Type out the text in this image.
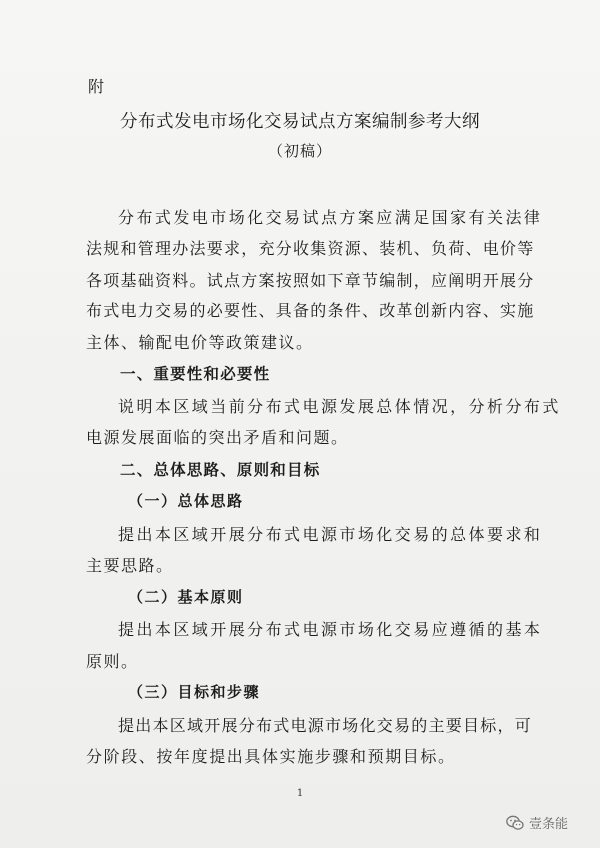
附
分布式发电市场化交易试点方案编制参考大纲
（初稿）
分布式发电市场化交易试点方案应满足国家有关法律
法规和管理办法要求，充分收集资源、装机、负荷、电价等
各项基础资料。试点方案按照如下章节编制，应阐明开展分
布式电力交易的必要性、具备的条件、改革创新内容、实施
主体、输配电价等政策建议。
一、重要性和必要性
说明本区域当前分布式电源发展总体情况，分析分布式
电源发展面临的突出矛盾和问题。
二、总体思路、原则和目标
（一）总体思路
提出本区域开展分布式电源市场化交易的总体要求和
主要思路。
（二）基本原则
提出本区域开展分布式电源市场化交易应遵循的基本
原则。
（三）目标和步骤
提出本区域开展分布式电源市场化交易的主要目标，可
分阶段、按年度提出具体实施步骤和预期目标。
1
壹条能
